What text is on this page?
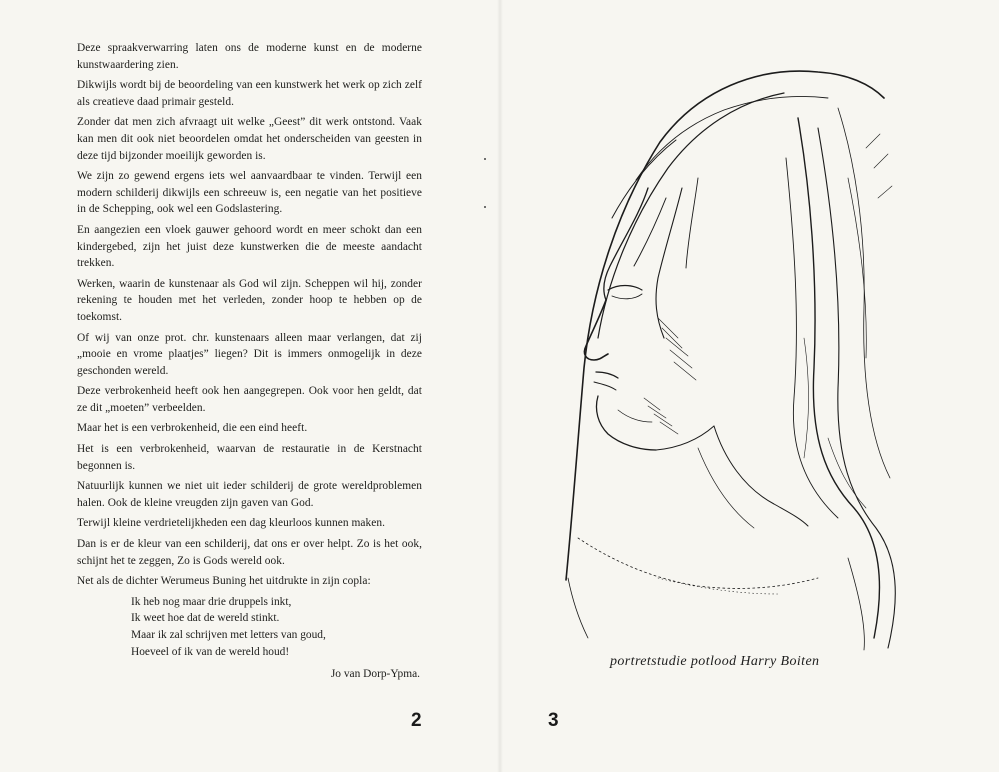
Deze spraakverwarring laten ons de moderne kunst en de moderne kunstwaardering zien.

Dikwijls wordt bij de beoordeling van een kunstwerk het werk op zich zelf als creatieve daad primair gesteld.

Zonder dat men zich afvraagt uit welke „Geest” dit werk ontstond. Vaak kan men dit ook niet beoordelen omdat het onderscheiden van geesten in deze tijd bijzonder moeilijk geworden is.

We zijn zo gewend ergens iets wel aanvaardbaar te vinden. Terwijl een modern schilderij dikwijls een schreeuw is, een negatie van het positieve in de Schepping, ook wel een Godslastering.

En aangezien een vloek gauwer gehoord wordt en meer schokt dan een kindergebed, zijn het juist deze kunstwerken die de meeste aandacht trekken.

Werken, waarin de kunstenaar als God wil zijn. Scheppen wil hij, zonder rekening te houden met het verleden, zonder hoop te hebben op de toekomst.

Of wij van onze prot. chr. kunstenaars alleen maar verlangen, dat zij „mooie en vrome plaatjes” liegen? Dit is immers onmogelijk in deze geschonden wereld.

Deze verbrokenheid heeft ook hen aangegrepen. Ook voor hen geldt, dat ze dit „moeten” verbeelden.

Maar het is een verbrokenheid, die een eind heeft.

Het is een verbrokenheid, waarvan de restauratie in de Kerstnacht begonnen is.

Natuurlijk kunnen we niet uit ieder schilderij de grote wereldproblemen halen. Ook de kleine vreugden zijn gaven van God.

Terwijl kleine verdrietelijkheden een dag kleurloos kunnen maken.

Dan is er de kleur van een schilderij, dat ons er over helpt. Zo is het ook, schijnt het te zeggen, Zo is Gods wereld ook.

Net als de dichter Werumeus Buning het uitdrukte in zijn copla:

Ik heb nog maar drie druppels inkt,
Ik weet hoe dat de wereld stinkt.
Maar ik zal schrijven met letters van goud,
Hoeveel of ik van de wereld houd!
Jo van Dorp-Ypma.
2	3
portretstudie potlood Harry Boiten
